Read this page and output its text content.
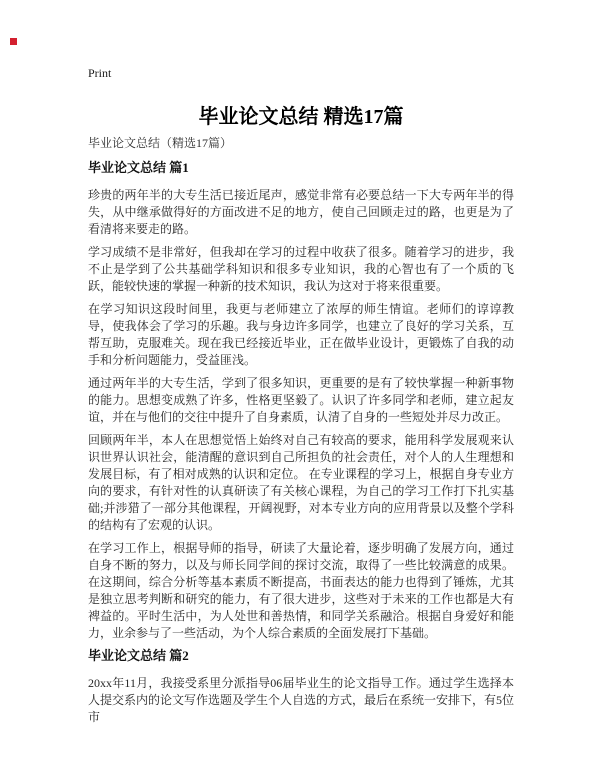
Print
毕业论文总结 精选17篇
毕业论文总结（精选17篇）
毕业论文总结 篇1

珍贵的两年半的大专生活已接近尾声，感觉非常有必要总结一下大专两年半的得失，从中继承做得好的方面改进不足的地方，使自己回顾走过的路，也更是为了看清将来要走的路。

学习成绩不是非常好，但我却在学习的过程中收获了很多。随着学习的进步，我不止是学到了公共基础学科知识和很多专业知识，我的心智也有了一个质的飞跃，能较快速的掌握一种新的技术知识，我认为这对于将来很重要。

在学习知识这段时间里，我更与老师建立了浓厚的师生情谊。老师们的谆谆教导，使我体会了学习的乐趣。我与身边许多同学，也建立了良好的学习关系，互帮互助，克服难关。现在我已经接近毕业，正在做毕业设计，更锻炼了自我的动手和分析问题能力，受益匪浅。

通过两年半的大专生活，学到了很多知识，更重要的是有了较快掌握一种新事物的能力。思想变成熟了许多，性格更坚毅了。认识了许多同学和老师，建立起友谊，并在与他们的交往中提升了自身素质，认清了自身的一些短处并尽力改正。

回顾两年半，本人在思想觉悟上始终对自己有较高的要求，能用科学发展观来认识世界认识社会，能清醒的意识到自己所担负的社会责任，对个人的人生理想和发展目标，有了相对成熟的认识和定位。 在专业课程的学习上，根据自身专业方向的要求，有针对性的认真研读了有关核心课程，为自己的学习工作打下扎实基础;并涉猎了一部分其他课程，开阔视野，对本专业方向的应用背景以及整个学科的结构有了宏观的认识。

在学习工作上，根据导师的指导，研读了大量论着，逐步明确了发展方向，通过自身不断的努力，以及与师长同学间的探讨交流，取得了一些比较满意的成果。在这期间，综合分析等基本素质不断提高，书面表达的能力也得到了锤炼，尤其是独立思考判断和研究的能力，有了很大进步，这些对于未来的工作也都是大有裨益的。平时生活中，为人处世和善热情，和同学关系融洽。根据自身爱好和能力，业余参与了一些活动，为个人综合素质的全面发展打下基础。

毕业论文总结 篇2

20xx年11月，我接受系里分派指导06届毕业生的论文指导工作。通过学生选择本人提交系内的论文写作选题及学生个人自选的方式，最后在系统一安排下，有5位市
